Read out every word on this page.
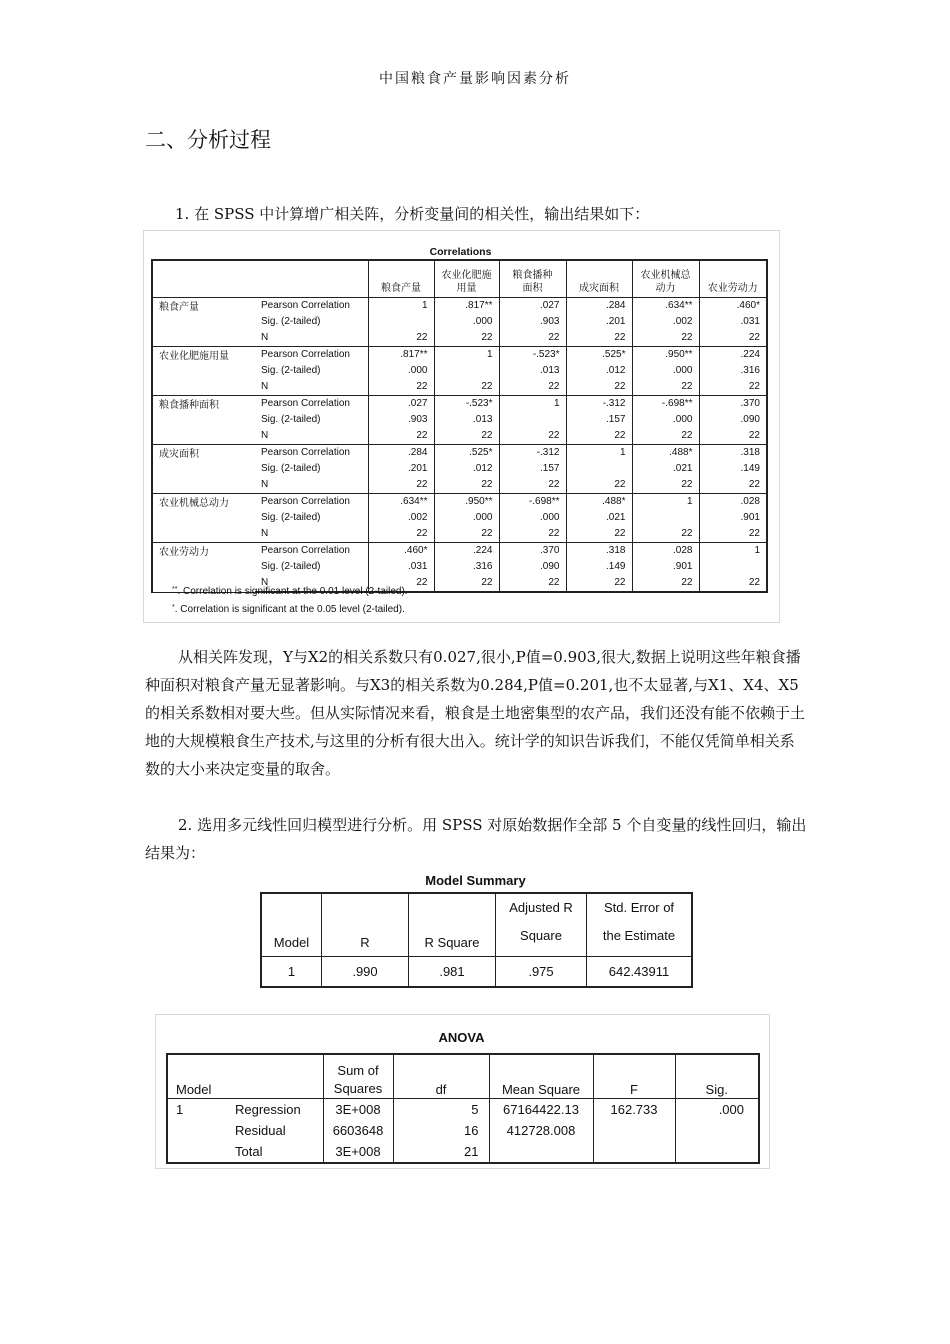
中国粮食产量影响因素分析
二、分析过程
1. 在 SPSS 中计算增广相关阵，分析变量间的相关性，输出结果如下：
Correlations
		粮食产量	农业化肥施用量	粮食播种面积	成灾面积	农业机械总动力	农业劳动力
粮食产量	Pearson Correlation	1	.817**	.027	.284	.634**	.460*
	Sig. (2-tailed)		.000	.903	.201	.002	.031
	N	22	22	22	22	22	22
农业化肥施用量	Pearson Correlation	.817**	1	-.523*	.525*	.950**	.224
	Sig. (2-tailed)	.000		.013	.012	.000	.316
	N	22	22	22	22	22	22
粮食播种面积	Pearson Correlation	.027	-.523*	1	-.312	-.698**	.370
	Sig. (2-tailed)	.903	.013		.157	.000	.090
	N	22	22	22	22	22	22
成灾面积	Pearson Correlation	.284	.525*	-.312	1	.488*	.318
	Sig. (2-tailed)	.201	.012	.157		.021	.149
	N	22	22	22	22	22	22
农业机械总动力	Pearson Correlation	.634**	.950**	-.698**	.488*	1	.028
	Sig. (2-tailed)	.002	.000	.000	.021		.901
	N	22	22	22	22	22	22
农业劳动力	Pearson Correlation	.460*	.224	.370	.318	.028	1
	Sig. (2-tailed)	.031	.316	.090	.149	.901	
	N	22	22	22	22	22	22
**. Correlation is significant at the 0.01 level (2-tailed).
*. Correlation is significant at the 0.05 level (2-tailed).
从相关阵发现，Y与X2的相关系数只有0.027,很小,P值=0.903,很大,数据上说明这些年粮食播种面积对粮食产量无显著影响。与X3的相关系数为0.284,P值=0.201,也不太显著,与X1、X4、X5的相关系数相对要大些。但从实际情况来看，粮食是土地密集型的农产品，我们还没有能不依赖于土地的大规模粮食生产技术,与这里的分析有很大出入。统计学的知识告诉我们，不能仅凭简单相关系数的大小来决定变量的取舍。
2. 选用多元线性回归模型进行分析。用 SPSS 对原始数据作全部 5 个自变量的线性回归，输出结果为：
Model Summary
Model	R	R Square	Adjusted R
Square	Std. Error of
the Estimate
1	.990	.981	.975	642.43911
ANOVA
Model		Sum of
Squares	df	Mean Square	F	Sig.
1	Regression	3E+008	5	67164422.13	162.733	.000
	Residual	6603648	16	412728.008		
	Total	3E+008	21			
